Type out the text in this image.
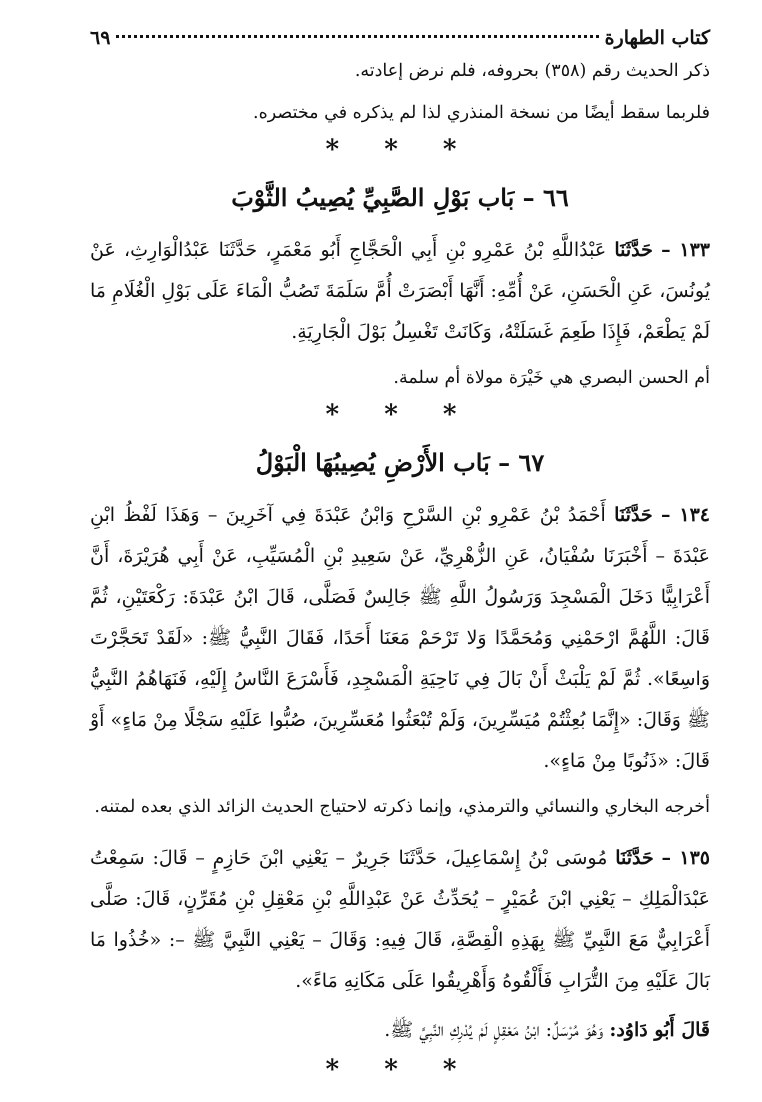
كتاب الطهارة
٦٩

ذكر الحديث رقم (٣٥٨) بحروفه، فلم نرض إعادته.

فلربما سقط أيضًا من نسخة المنذري لذا لم يذكره في مختصره.

* * *
٦٦ – بَاب بَوْلِ الصَّبِيِّ يُصِيبُ الثَّوْبَ

١٣٣ – حَدَّثَنَا عَبْدُاللَّهِ بْنُ عَمْرِو بْنِ أَبِي الْحَجَّاجِ أَبُو مَعْمَرٍ، حَدَّثَنَا عَبْدُالْوَارِثِ، عَنْ يُونُسَ، عَنِ الْحَسَنِ، عَنْ أُمِّهِ: أَنَّهَا أَبْصَرَتْ أُمَّ سَلَمَةَ تَصُبُّ الْمَاءَ عَلَى بَوْلِ الْغُلَامِ مَا لَمْ يَطْعَمْ، فَإِذَا طَعِمَ غَسَلَتْهُ، وَكَانَتْ تَغْسِلُ بَوْلَ الْجَارِيَةِ.

أم الحسن البصري هي خَيْرَة مولاة أم سلمة.

* * *
٦٧ – بَاب الأَرْضِ يُصِيبُهَا الْبَوْلُ

١٣٤ – حَدَّثَنَا أَحْمَدُ بْنُ عَمْرِو بْنِ السَّرْحِ وَابْنُ عَبْدَةَ فِي آخَرِينَ – وَهَذَا لَفْظُ ابْنِ عَبْدَةَ – أَخْبَرَنَا سُفْيَانُ، عَنِ الزُّهْرِيِّ، عَنْ سَعِيدِ بْنِ الْمُسَيِّبِ، عَنْ أَبِي هُرَيْرَةَ، أَنَّ أَعْرَابِيًّا دَخَلَ الْمَسْجِدَ وَرَسُولُ اللَّهِ ﷺ جَالِسٌ فَصَلَّى، قَالَ ابْنُ عَبْدَةَ: رَكْعَتَيْنِ، ثُمَّ قَالَ: اللَّهُمَّ ارْحَمْنِي وَمُحَمَّدًا وَلا تَرْحَمْ مَعَنَا أَحَدًا، فَقَالَ النَّبِيُّ ﷺ: «لَقَدْ تَحَجَّرْتَ وَاسِعًا». ثُمَّ لَمْ يَلْبَثْ أَنْ بَالَ فِي نَاحِيَةِ الْمَسْجِدِ، فَأَسْرَعَ النَّاسُ إِلَيْهِ، فَنَهَاهُمُ النَّبِيُّ ﷺ وَقَالَ: «إِنَّمَا بُعِثْتُمْ مُيَسِّرِينَ، وَلَمْ تُبْعَثُوا مُعَسِّرِينَ، صُبُّوا عَلَيْهِ سَجْلًا مِنْ مَاءٍ» أَوْ قَالَ: «ذَنُوبًا مِنْ مَاءٍ».

أخرجه البخاري والنسائي والترمذي، وإنما ذكرته لاحتياج الحديث الزائد الذي بعده لمتنه.

١٣٥ – حَدَّثَنَا مُوسَى بْنُ إِسْمَاعِيلَ، حَدَّثَنَا جَرِيرٌ – يَعْنِي ابْنَ حَازِمٍ – قَالَ: سَمِعْتُ عَبْدَالْمَلِكِ – يَعْنِي ابْنَ عُمَيْرٍ – يُحَدِّثُ عَنْ عَبْدِاللَّهِ بْنِ مَعْقِلِ بْنِ مُقَرِّنٍ، قَالَ: صَلَّى أَعْرَابِيٌّ مَعَ النَّبِيِّ ﷺ بِهَذِهِ الْقِصَّةِ، قَالَ فِيهِ: وَقَالَ – يَعْنِي النَّبِيَّ ﷺ –: «خُذُوا مَا بَالَ عَلَيْهِ مِنَ التُّرَابِ فَأَلْقُوهُ وَأَهْرِيقُوا عَلَى مَكَانِهِ مَاءً».

قَالَ أَبُو دَاوُد: وَهُوَ مُرْسَلٌ: ابْنُ مَعْقِلٍ لَمْ يُدْرِكِ النَّبِيَّ ﷺ.

* * *
